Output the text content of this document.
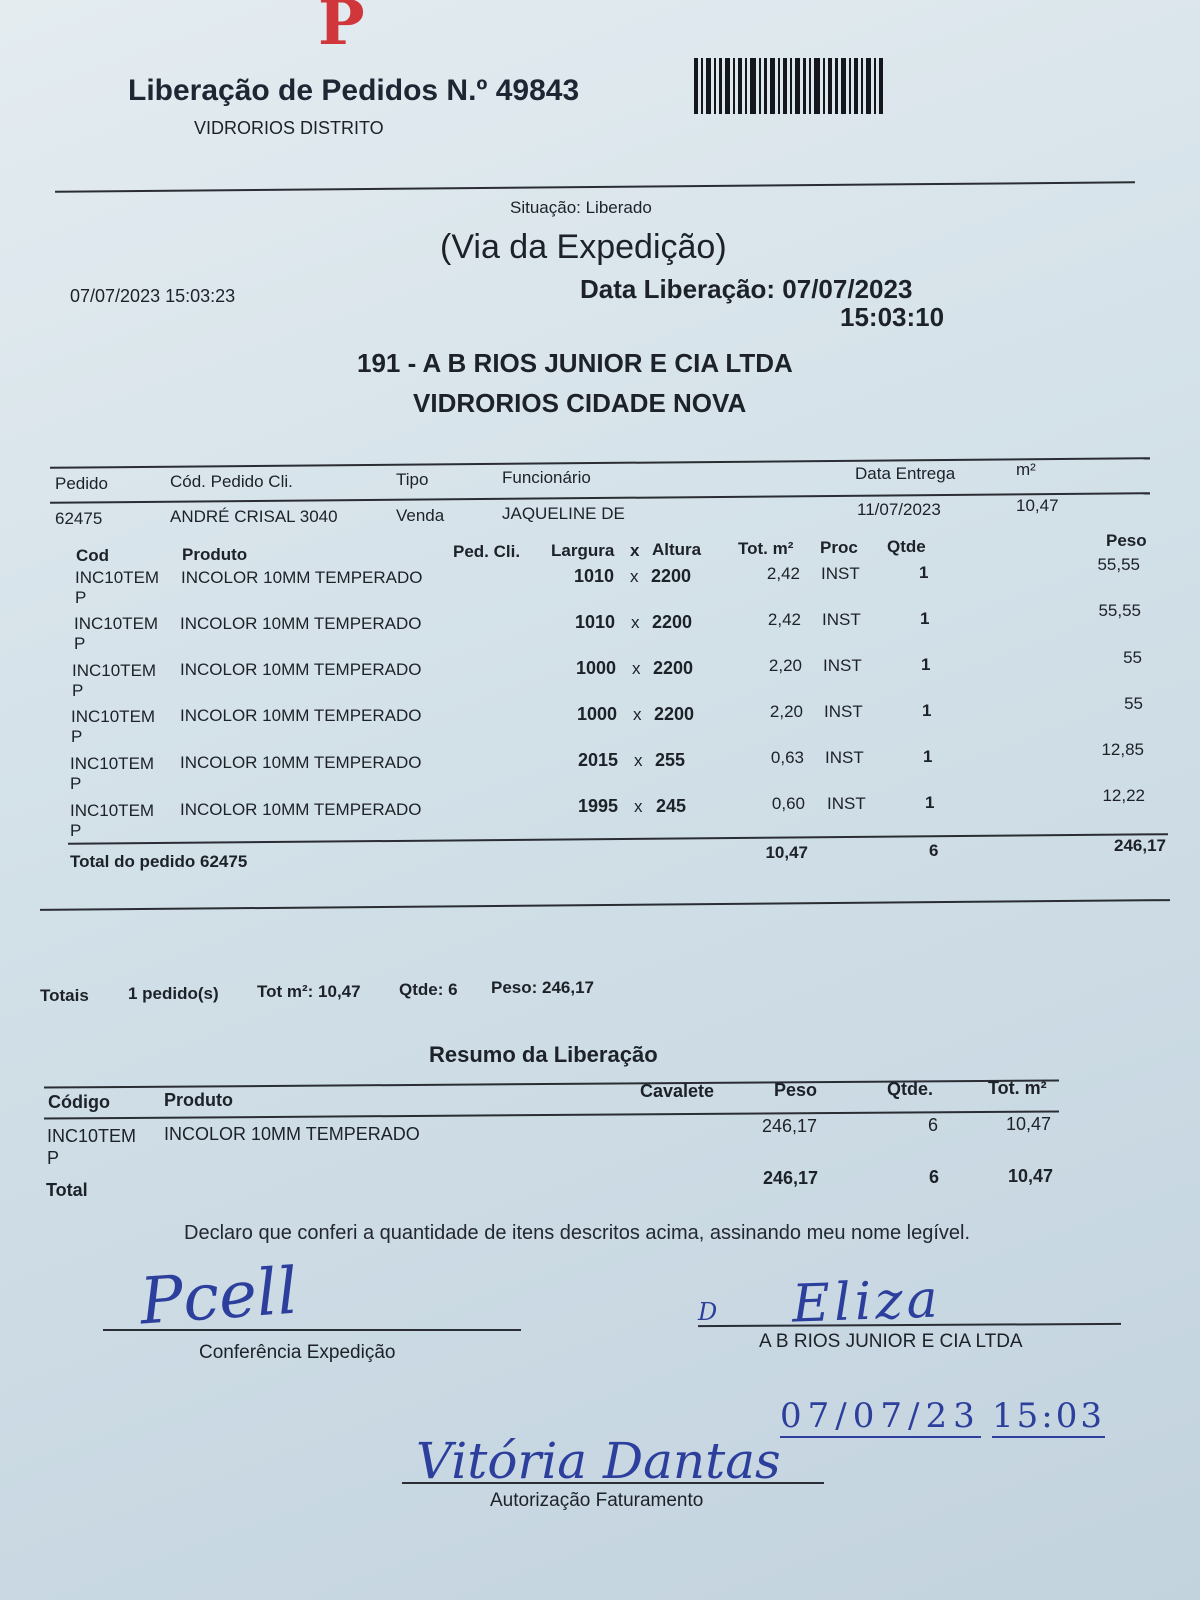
P
Liberação de Pedidos N.º 49843
VIDRORIOS DISTRITO
Situação: Liberado
(Via da Expedição)
07/07/2023 15:03:23	Data Liberação: 07/07/2023
15:03:10
191 - A B RIOS JUNIOR E CIA LTDA
VIDRORIOS CIDADE NOVA
Pedido	Cód. Pedido Cli.	Tipo	Funcionário	Data Entrega	m²
62475	ANDRÉ CRISAL 3040	Venda	JAQUELINE DE	11/07/2023	10,47
Cod	Produto	Ped. Cli. Largura x Altura Tot. m² Proc Qtde	Peso
INC10TEM
P
INCOLOR 10MM TEMPERADO	1010 x 2200	2,42 INST	1	55,55
INC10TEM
P
INCOLOR 10MM TEMPERADO	1010 x 2200	2,42 INST	1	55,55
INC10TEM
P
INCOLOR 10MM TEMPERADO	1000 x 2200	2,20 INST	1	55
INC10TEM
P
INCOLOR 10MM TEMPERADO	1000 x 2200	2,20 INST	1	55
INC10TEM
P
INCOLOR 10MM TEMPERADO	2015 x 255	0,63 INST	1	12,85
INC10TEM
P
INCOLOR 10MM TEMPERADO	1995 x 245	0,60 INST	1	12,22
Total do pedido 62475	10,47	6	246,17
Totais 1 pedido(s) Tot m²: 10,47 Qtde: 6 Peso: 246,17
Resumo da Liberação
Código	Produto	Cavalete	Peso	Qtde.	Tot. m²
INC10TEM
P
INCOLOR 10MM TEMPERADO	246,17	6	10,47
Total
246,17	6	10,47
Declaro que conferi a quantidade de itens descritos acima, assinando meu nome legível.
Pcell
Conferência Expedição
D Eliza
A B RIOS JUNIOR E CIA LTDA
07/07/23 15:03
Vitória Dantas
Autorização Faturamento
